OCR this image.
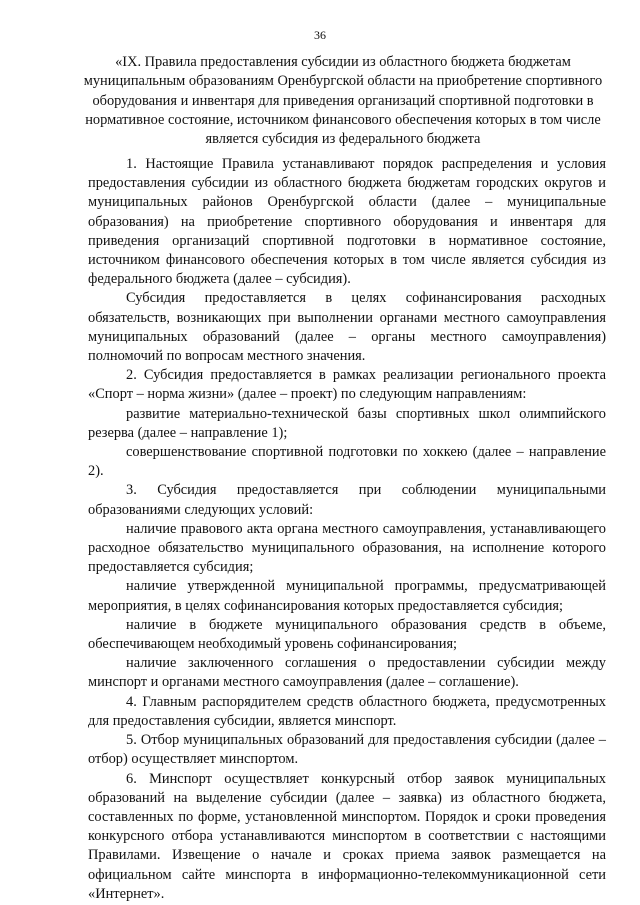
36
«IX. Правила предоставления субсидии из областного бюджета бюджетам муниципальным образованиям Оренбургской области на приобретение спортивного оборудования и инвентаря для приведения организаций спортивной подготовки в нормативное состояние, источником финансового обеспечения которых в том числе является субсидия из федерального бюджета

1. Настоящие Правила устанавливают порядок распределения и условия предоставления субсидии из областного бюджета бюджетам городских округов и муниципальных районов Оренбургской области (далее – муниципальные образования) на приобретение спортивного оборудования и инвентаря для приведения организаций спортивной подготовки в нормативное состояние, источником финансового обеспечения которых в том числе является субсидия из федерального бюджета (далее – субсидия).

Субсидия предоставляется в целях софинансирования расходных обязательств, возникающих при выполнении органами местного самоуправления муниципальных образований (далее – органы местного самоуправления) полномочий по вопросам местного значения.

2. Субсидия предоставляется в рамках реализации регионального проекта «Спорт – норма жизни» (далее – проект) по следующим направлениям:

развитие материально-технической базы спортивных школ олимпийского резерва (далее – направление 1);

совершенствование спортивной подготовки по хоккею (далее – направление 2).

3. Субсидия предоставляется при соблюдении муниципальными образованиями следующих условий:

наличие правового акта органа местного самоуправления, устанавливающего расходное обязательство муниципального образования, на исполнение которого предоставляется субсидия;

наличие утвержденной муниципальной программы, предусматривающей мероприятия, в целях софинансирования которых предоставляется субсидия;

наличие в бюджете муниципального образования средств в объеме, обеспечивающем необходимый уровень софинансирования;

наличие заключенного соглашения о предоставлении субсидии между минспорт и органами местного самоуправления (далее – соглашение).

4. Главным распорядителем средств областного бюджета, предусмотренных для предоставления субсидии, является минспорт.

5. Отбор муниципальных образований для предоставления субсидии (далее – отбор) осуществляет минспортом.

6. Минспорт осуществляет конкурсный отбор заявок муниципальных образований на выделение субсидии (далее – заявка) из областного бюджета, составленных по форме, установленной минспортом. Порядок и сроки проведения конкурсного отбора устанавливаются минспортом в соответствии с настоящими Правилами. Извещение о начале и сроках приема заявок размещается на официальном сайте минспорта в информационно-телекоммуникационной сети «Интернет».
